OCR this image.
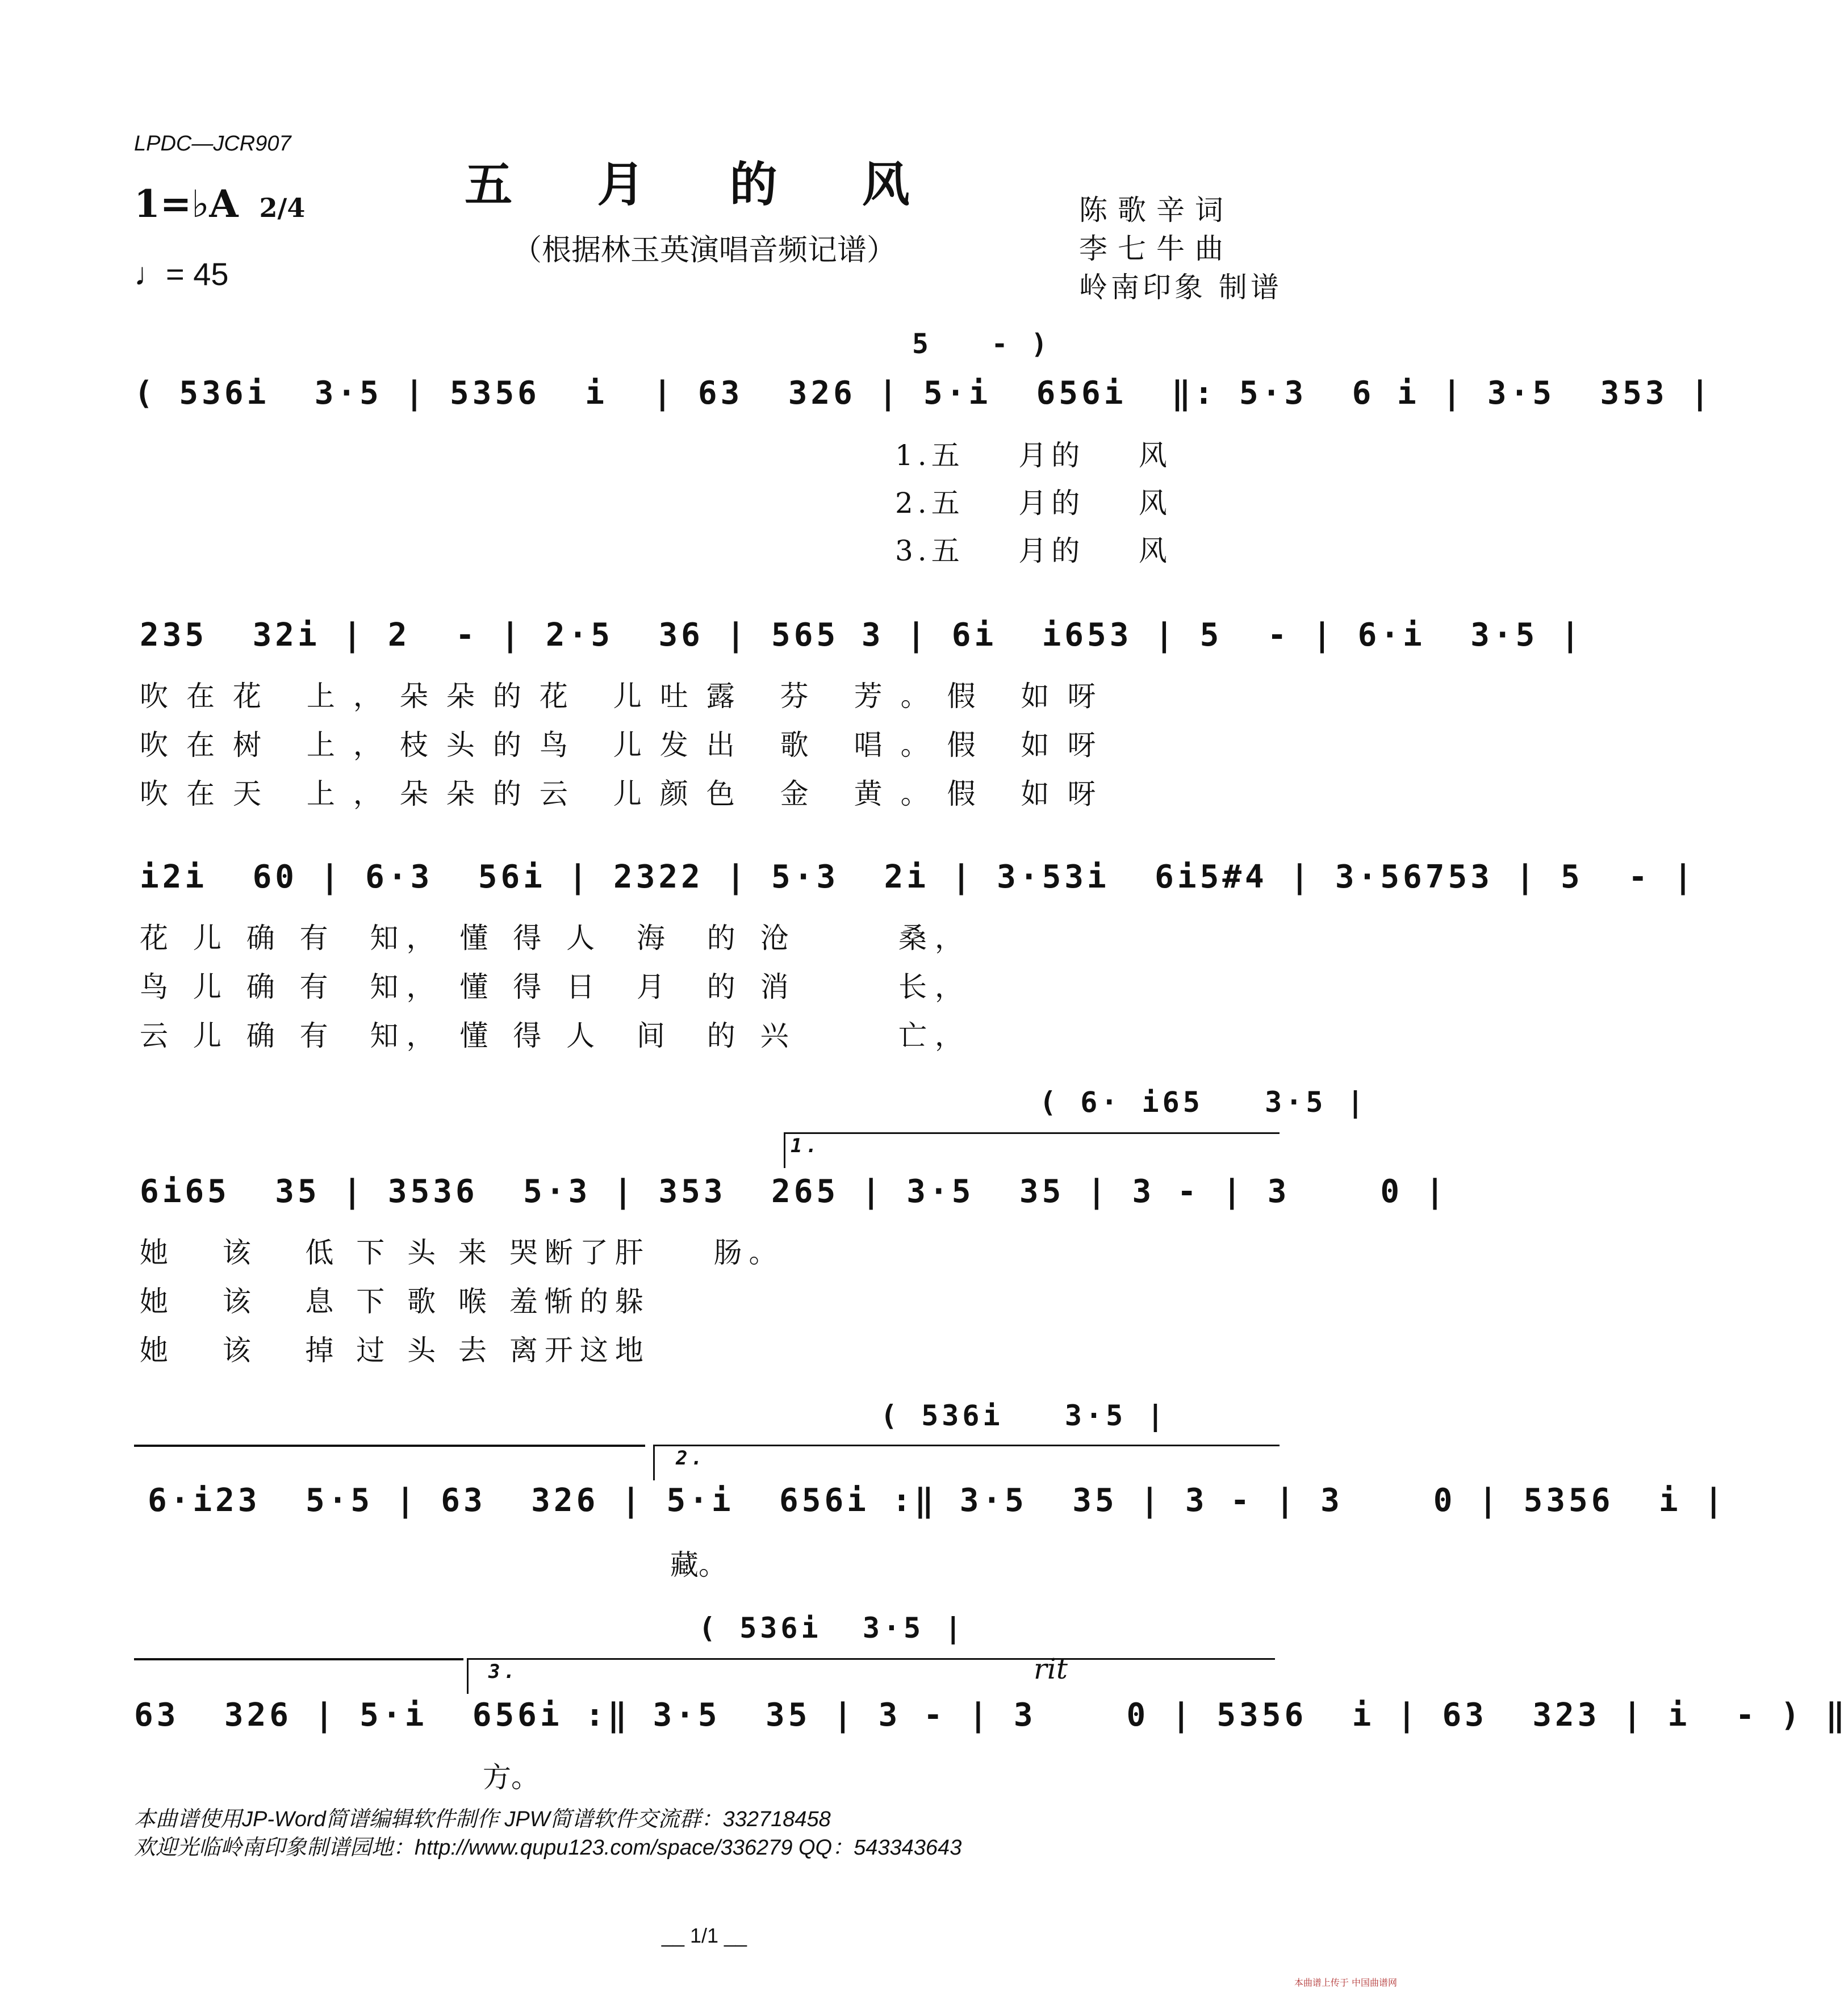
LPDC—JCR907
五 月 的 风
（根据林玉英演唱音频记谱）
陈歌辛词
李七牛曲
岭南印象 制谱
1=♭A 2/4
♩= 45
5   - )
( 536i  3·5 | 5356  i  | 63  326 | 5·i  656i  ‖: 5·3  6 i | 3·5  353 |
1.五    月的    风
2.五    月的    风
3.五    月的    风
235  32i | 2  - | 2·5  36 | 565 3 | 6i  i653 | 5  - | 6·i  3·5 |
吹在花 上，朵朵的花 儿吐露 芬 芳。假 如呀
吹在树 上，枝头的鸟 儿发出 歌 唱。假 如呀
吹在天 上，朵朵的云 儿颜色 金 黄。假 如呀
i2i  60 | 6·3  56i | 2322 | 5·3  2i | 3·53i  6i5#4 | 3·56753 | 5  - |
花 儿 确 有  知， 懂 得 人  海  的 沧      桑，
鸟 儿 确 有  知， 懂 得 日  月  的 消      长，
云 儿 确 有  知， 懂 得 人  间  的 兴      亡，
( 6· i65   3·5 |
1.
6i65  35 | 3536  5·3 | 353  265 | 3·5  35 | 3 - | 3    0 |
她   该   低 下 头 来 哭断了肝    肠。
她   该   息 下 歌 喉 羞惭的躲
她   该   掉 过 头 去 离开这地
( 536i   3·5 |
2.
6·i23  5·5 | 63  326 | 5·i  656i :‖ 3·5  35 | 3 - | 3    0 | 5356  i |
藏。
( 536i  3·5 |
3.	rit
63  326 | 5·i  656i :‖ 3·5  35 | 3 - | 3    0 | 5356  i | 63  323 | i  - ) ‖
方。
本曲谱使用JP-Word简谱编辑软件制作 JPW简谱软件交流群：332718458
欢迎光临岭南印象制谱园地：http://www.qupu123.com/space/336279 QQ：543343643
__ 1/1 __
本曲谱上传于 中国曲谱网
